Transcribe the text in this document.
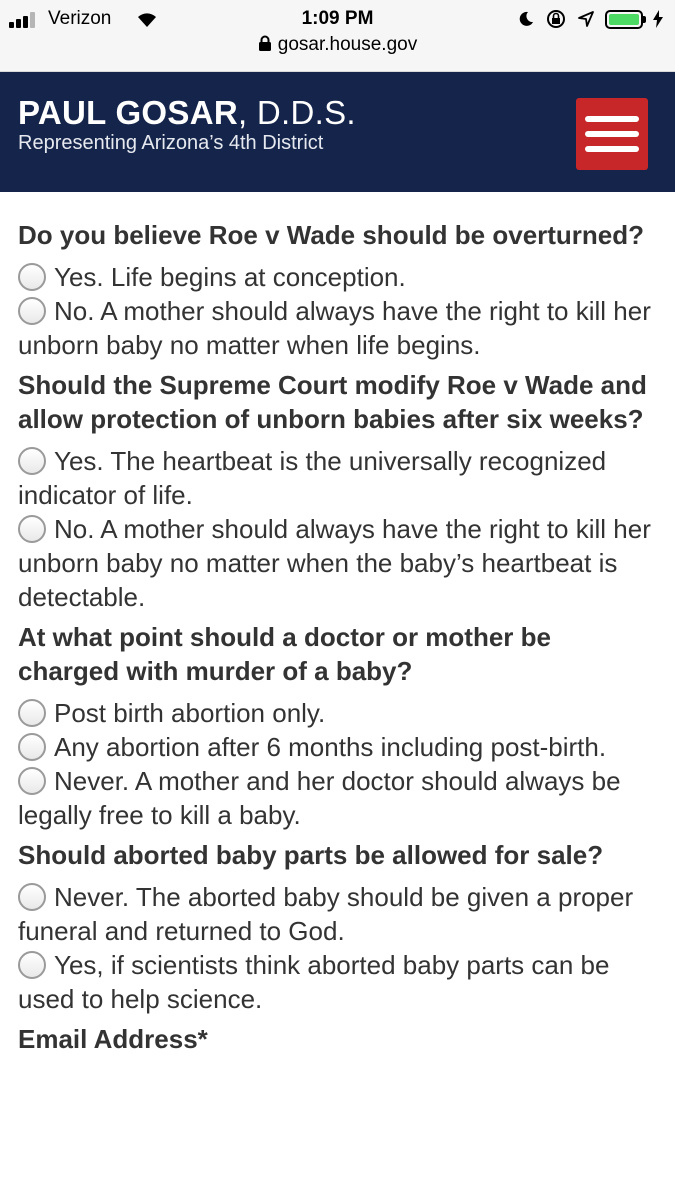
Verizon	1:09 PM
gosar.house.gov
PAUL GOSAR, D.D.S.
Representing Arizona’s 4th District
Do you believe Roe v Wade should be overturned?
Yes. Life begins at conception.
No. A mother should always have the right to kill her unborn baby no matter when life begins.
Should the Supreme Court modify Roe v Wade and allow protection of unborn babies after six weeks?
Yes. The heartbeat is the universally recognized indicator of life.
No. A mother should always have the right to kill her unborn baby no matter when the baby’s heartbeat is detectable.
At what point should a doctor or mother be charged with murder of a baby?
Post birth abortion only.
Any abortion after 6 months including post-birth.
Never. A mother and her doctor should always be legally free to kill a baby.
Should aborted baby parts be allowed for sale?
Never. The aborted baby should be given a proper funeral and returned to God.
Yes, if scientists think aborted baby parts can be used to help science.
Email Address*
